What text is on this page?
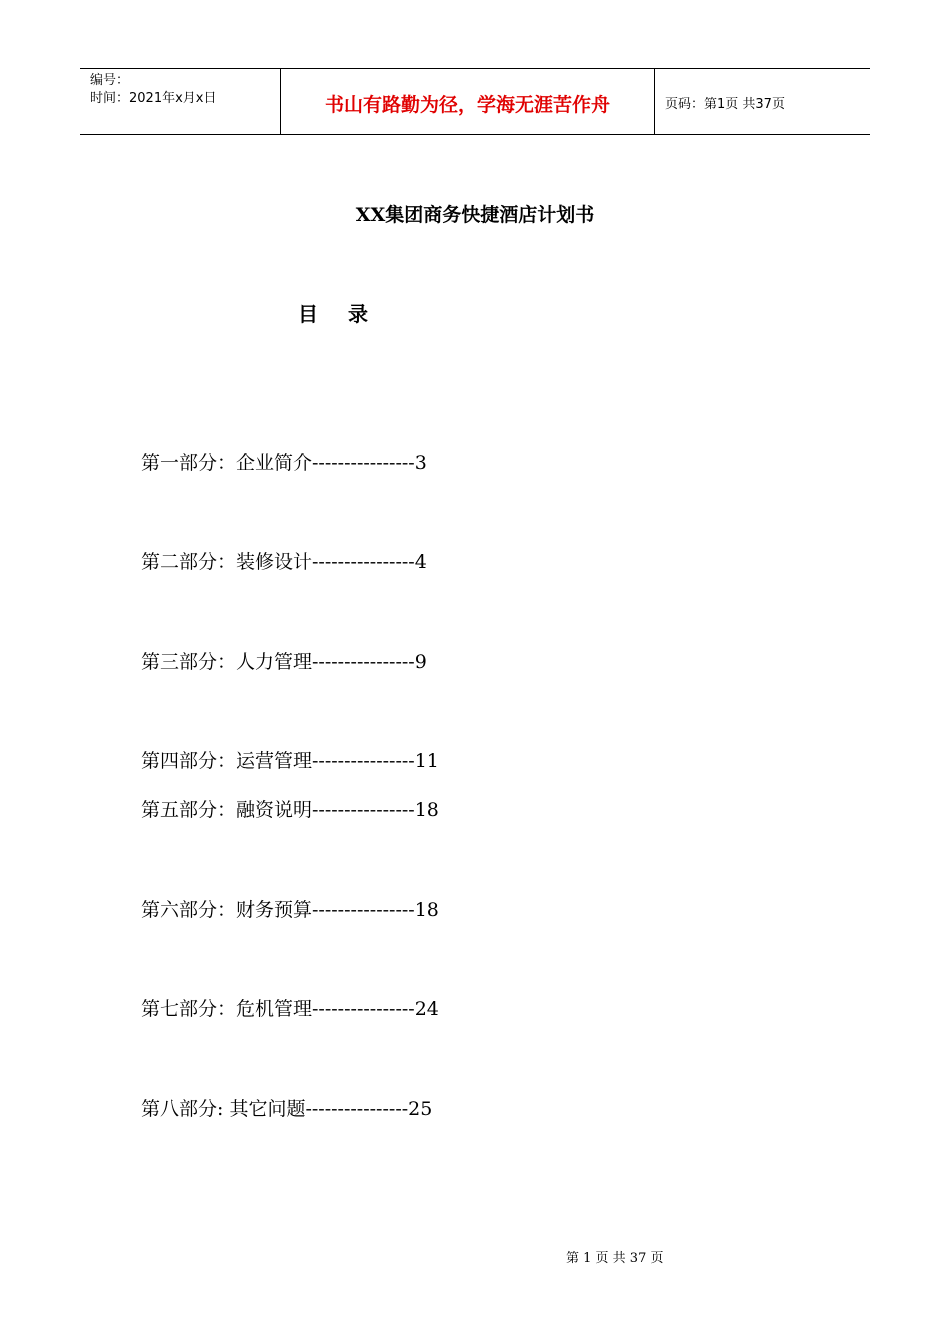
编号：
时间：2021年x月x日	书山有路勤为径，学海无涯苦作舟	页码：第1页 共37页
XX集团商务快捷酒店计划书
目录
第一部分：企业简介----------------3
第二部分：装修设计----------------4
第三部分：人力管理----------------9
第四部分：运营管理----------------11
第五部分：融资说明----------------18
第六部分：财务预算----------------18
第七部分：危机管理----------------24
第八部分: 其它问题----------------25
第 1 页 共 37 页
